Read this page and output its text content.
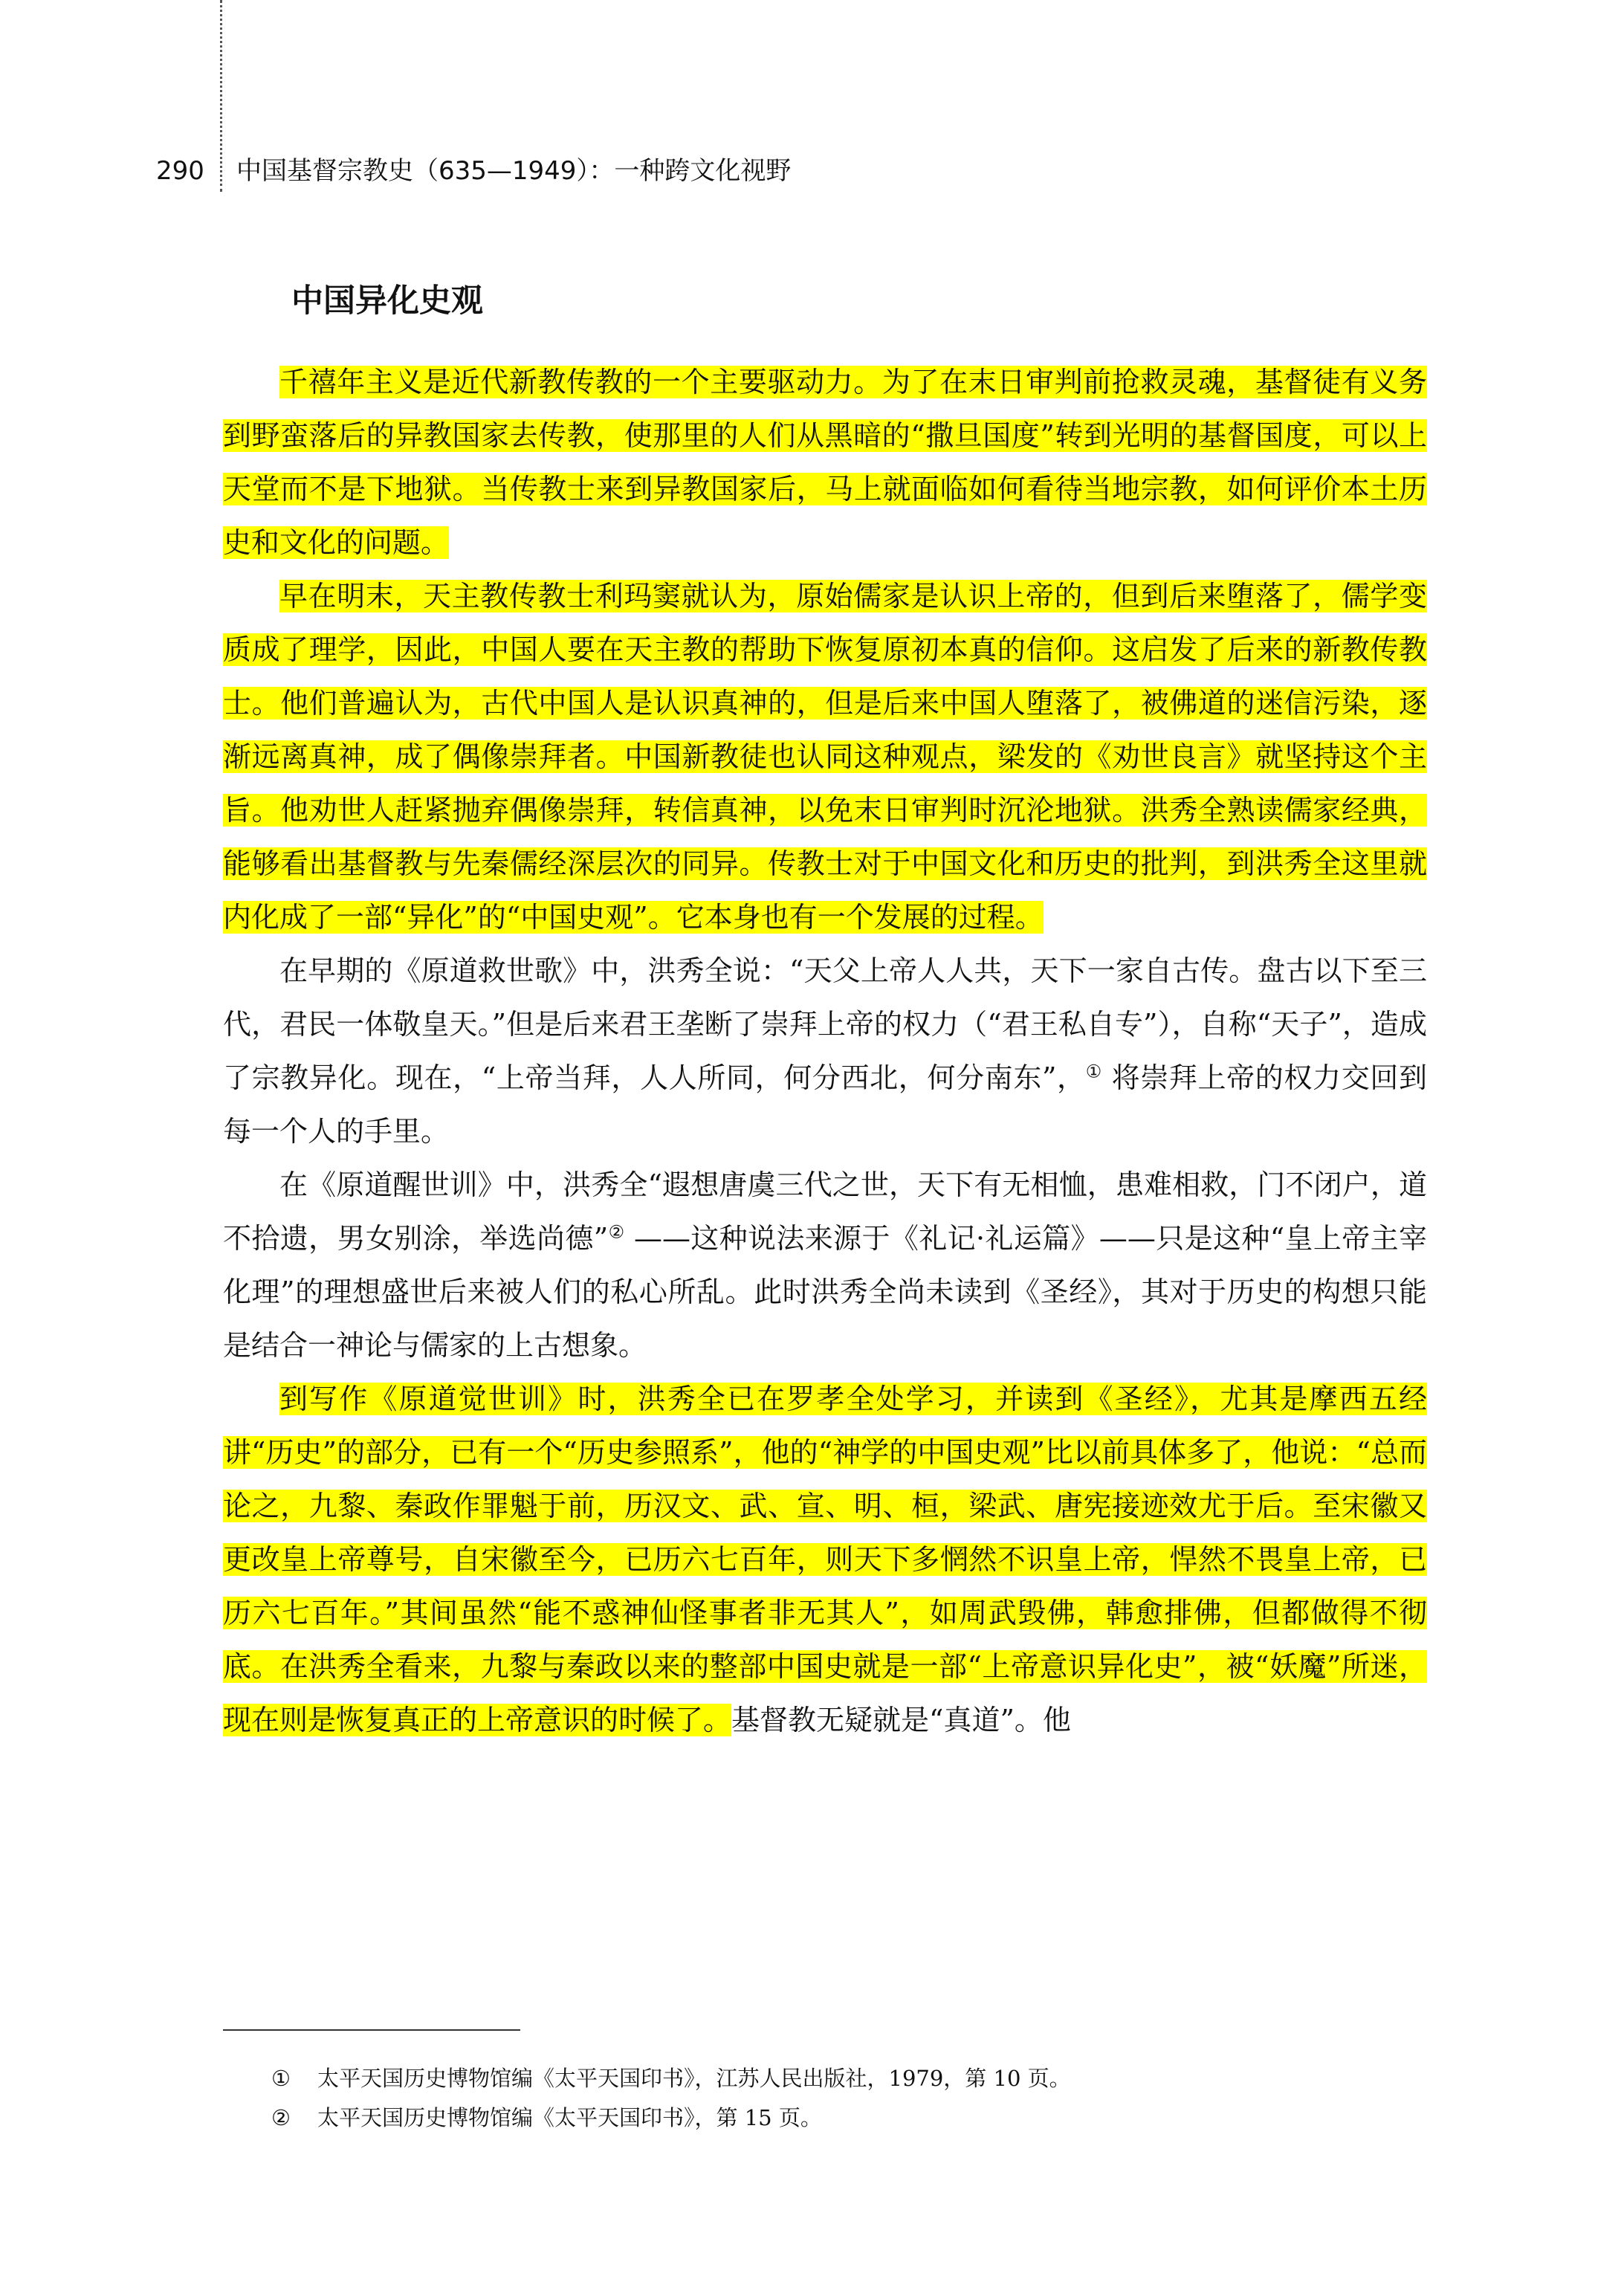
290 中国基督宗教史（635—1949）：一种跨文化视野
中国异化史观

千禧年主义是近代新教传教的一个主要驱动力。为了在末日审判前抢救灵魂，基督徒有义务到野蛮落后的异教国家去传教，使那里的人们从黑暗的“撒旦国度”转到光明的基督国度，可以上天堂而不是下地狱。当传教士来到异教国家后，马上就面临如何看待当地宗教，如何评价本土历史和文化的问题。

早在明末，天主教传教士利玛窦就认为，原始儒家是认识上帝的，但到后来堕落了，儒学变质成了理学，因此，中国人要在天主教的帮助下恢复原初本真的信仰。这启发了后来的新教传教士。他们普遍认为，古代中国人是认识真神的，但是后来中国人堕落了，被佛道的迷信污染，逐渐远离真神，成了偶像崇拜者。中国新教徒也认同这种观点，梁发的《劝世良言》就坚持这个主旨。他劝世人赶紧抛弃偶像崇拜，转信真神，以免末日审判时沉沦地狱。洪秀全熟读儒家经典，能够看出基督教与先秦儒经深层次的同异。传教士对于中国文化和历史的批判，到洪秀全这里就内化成了一部“异化”的“中国史观”。它本身也有一个发展的过程。

在早期的《原道救世歌》中，洪秀全说：“天父上帝人人共，天下一家自古传。盘古以下至三代，君民一体敬皇天。”但是后来君王垄断了崇拜上帝的权力（“君王私自专”），自称“天子”，造成了宗教异化。现在，“上帝当拜，人人所同，何分西北，何分南东”，① 将崇拜上帝的权力交回到每一个人的手里。

在《原道醒世训》中，洪秀全“遐想唐虞三代之世，天下有无相恤，患难相救，门不闭户，道不拾遗，男女别涂，举选尚德”② ——这种说法来源于《礼记·礼运篇》——只是这种“皇上帝主宰化理”的理想盛世后来被人们的私心所乱。此时洪秀全尚未读到《圣经》，其对于历史的构想只能是结合一神论与儒家的上古想象。

到写作《原道觉世训》时，洪秀全已在罗孝全处学习，并读到《圣经》，尤其是摩西五经讲“历史”的部分，已有一个“历史参照系”，他的“神学的中国史观”比以前具体多了，他说：“总而论之，九黎、秦政作罪魁于前，历汉文、武、宣、明、桓，梁武、唐宪接迹效尤于后。至宋徽又更改皇上帝尊号，自宋徽至今，已历六七百年，则天下多惘然不识皇上帝，悍然不畏皇上帝，已历六七百年。”其间虽然“能不惑神仙怪事者非无其人”，如周武毁佛，韩愈排佛，但都做得不彻底。在洪秀全看来，九黎与秦政以来的整部中国史就是一部“上帝意识异化史”，被“妖魔”所迷，现在则是恢复真正的上帝意识的时候了。基督教无疑就是“真道”。他

① 太平天国历史博物馆编《太平天国印书》，江苏人民出版社，1979，第 10 页。

② 太平天国历史博物馆编《太平天国印书》，第 15 页。
